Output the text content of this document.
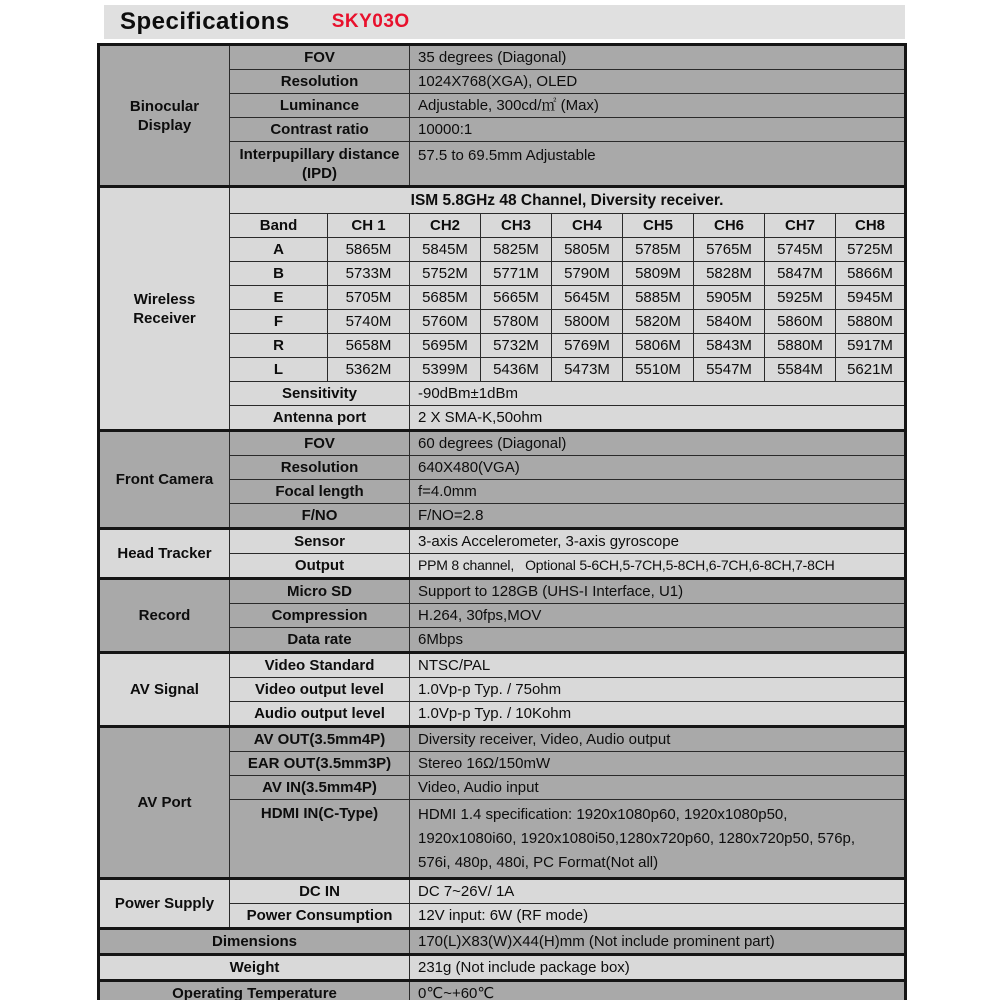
Specifications SKY03O
Binocular Display	FOV		35 degrees (Diagonal)						
	Resolution		1024X768(XGA), OLED						
	Luminance		Adjustable, 300cd/㎡ (Max)						
	Contrast ratio		10000:1						
	Interpupillary distance (IPD)		57.5 to 69.5mm Adjustable						
Wireless Receiver	ISM 5.8GHz 48 Channel, Diversity receiver.								
	Band	CH 1	CH2	CH3	CH4	CH5	CH6	CH7	CH8
	A	5865M	5845M	5825M	5805M	5785M	5765M	5745M	5725M
	B	5733M	5752M	5771M	5790M	5809M	5828M	5847M	5866M
	E	5705M	5685M	5665M	5645M	5885M	5905M	5925M	5945M
	F	5740M	5760M	5780M	5800M	5820M	5840M	5860M	5880M
	R	5658M	5695M	5732M	5769M	5806M	5843M	5880M	5917M
	L	5362M	5399M	5436M	5473M	5510M	5547M	5584M	5621M
	Sensitivity		-90dBm±1dBm						
	Antenna port		2 X SMA-K,50ohm						
Front Camera	FOV		60 degrees (Diagonal)						
	Resolution		640X480(VGA)						
	Focal length		f=4.0mm						
	F/NO		F/NO=2.8						
Head Tracker	Sensor		3-axis Accelerometer, 3-axis gyroscope						
	Output		PPM 8 channel,   Optional 5-6CH,5-7CH,5-8CH,6-7CH,6-8CH,7-8CH						
Record	Micro SD		Support to 128GB (UHS-I Interface, U1)						
	Compression		H.264, 30fps,MOV						
	Data rate		6Mbps						
AV Signal	Video Standard		NTSC/PAL						
	Video output level		1.0Vp-p Typ. / 75ohm						
	Audio output level		1.0Vp-p Typ. / 10Kohm						
AV Port	AV OUT(3.5mm4P)		Diversity receiver, Video, Audio output						
	EAR OUT(3.5mm3P)		Stereo 16Ω/150mW						
	AV IN(3.5mm4P)		Video, Audio input						
	HDMI IN(C-Type)		HDMI 1.4 specification: 1920x1080p60, 1920x1080p50,
1920x1080i60, 1920x1080i50,1280x720p60, 1280x720p50, 576p,
576i, 480p, 480i, PC Format(Not all)						

Power Supply	DC IN		DC 7~26V/ 1A						
	Power Consumption		12V input: 6W (RF mode)						
Dimensions			170(L)X83(W)X44(H)mm (Not include prominent part)						
Weight			231g (Not include package box)						
Operating Temperature			0℃~+60℃						
